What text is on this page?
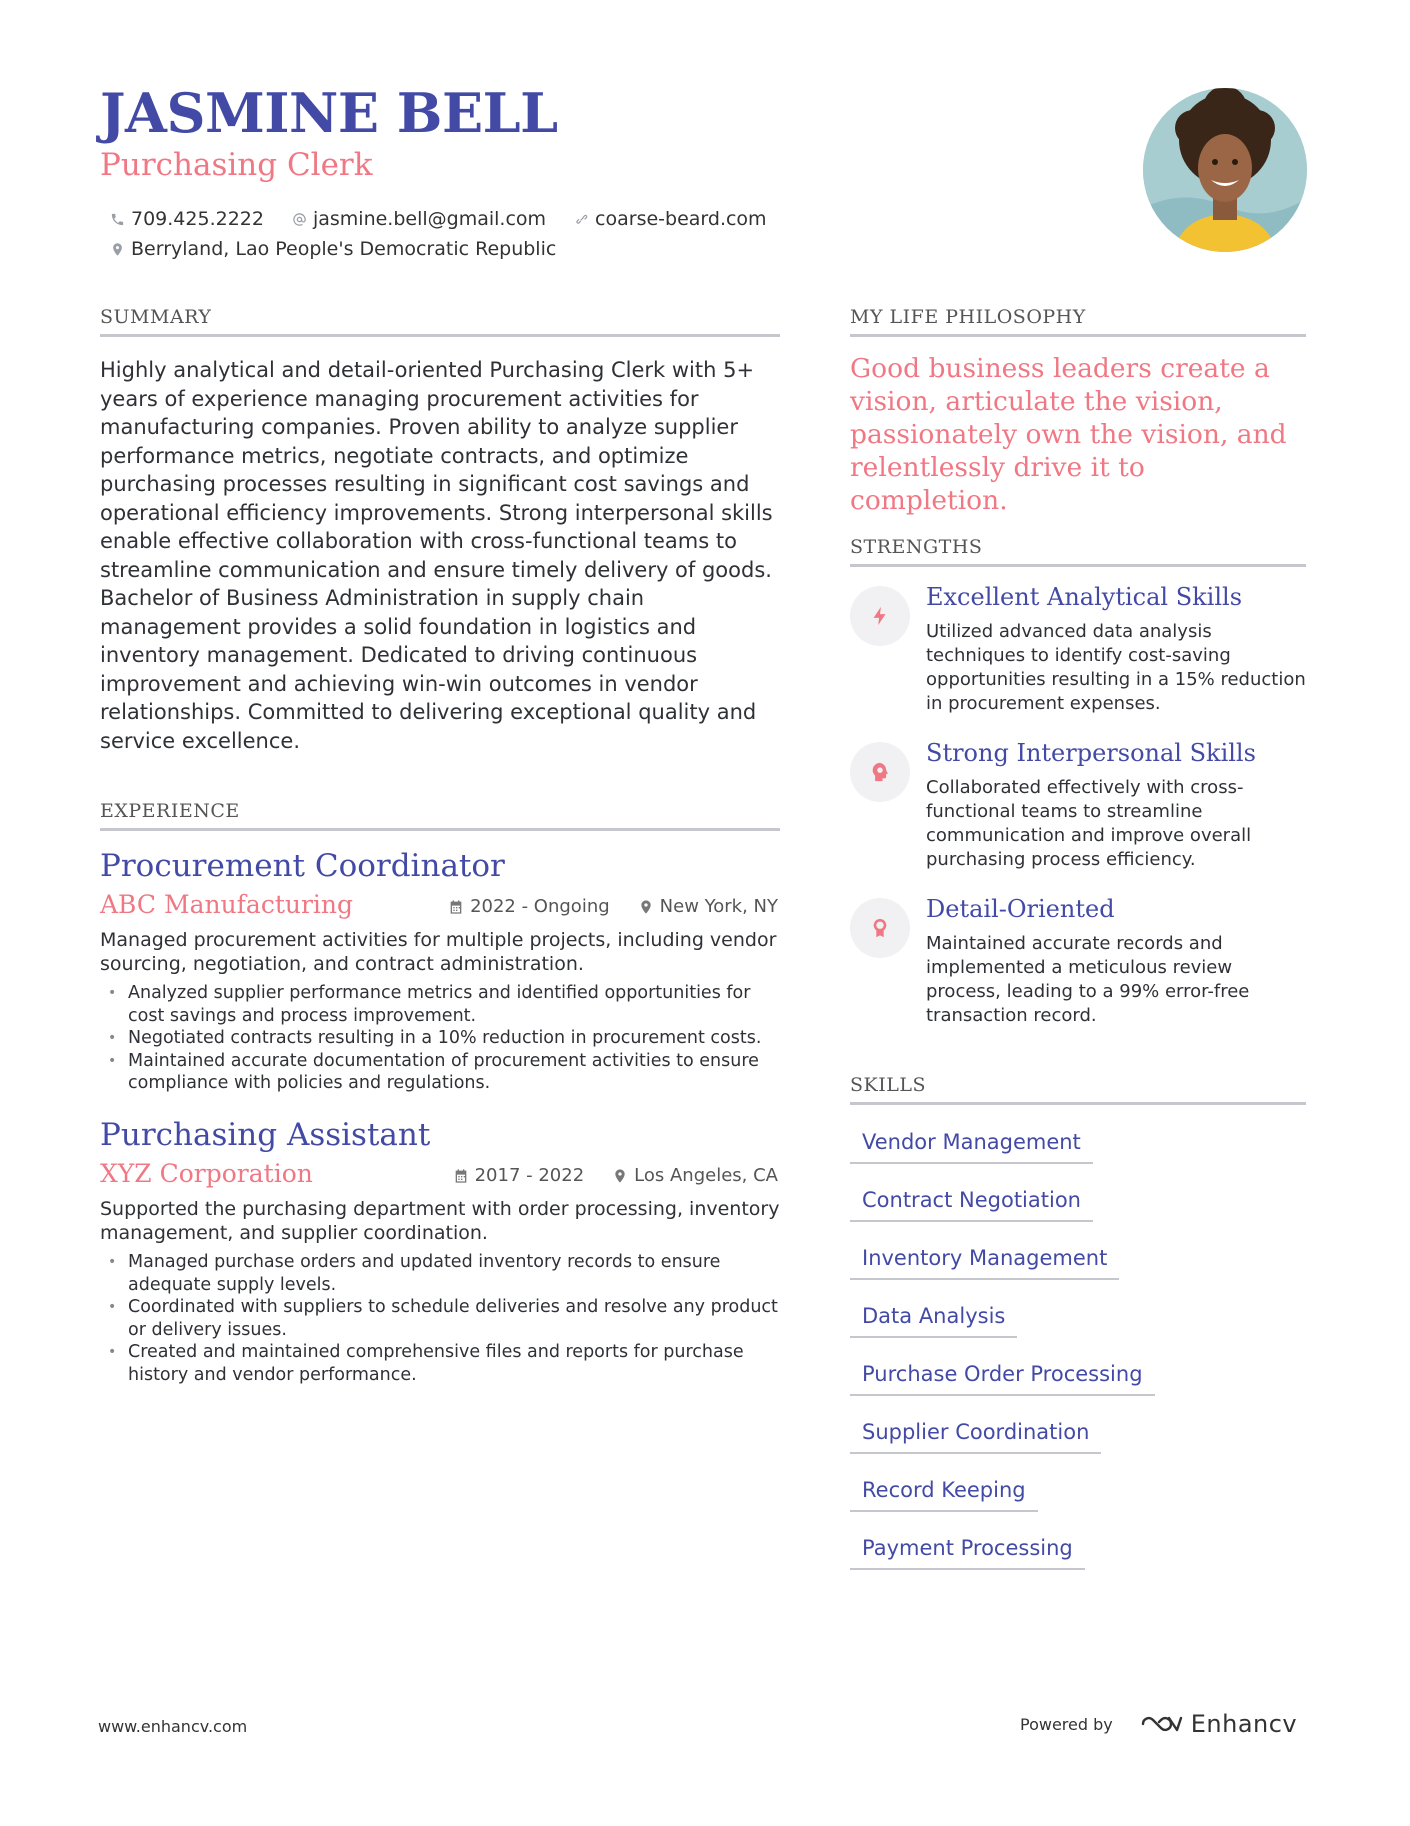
JASMINE BELL
Purchasing Clerk
709.425.2222	jasmine.bell@gmail.com	coarse-beard.com
Berryland, Lao People's Democratic Republic
SUMMARY
Highly analytical and detail-oriented Purchasing Clerk with 5+ years of experience managing procurement activities for manufacturing companies. Proven ability to analyze supplier performance metrics, negotiate contracts, and optimize purchasing processes resulting in significant cost savings and operational efficiency improvements. Strong interpersonal skills enable effective collaboration with cross-functional teams to streamline communication and ensure timely delivery of goods. Bachelor of Business Administration in supply chain management provides a solid foundation in logistics and inventory management. Dedicated to driving continuous improvement and achieving win-win outcomes in vendor relationships. Committed to delivering exceptional quality and service excellence.
EXPERIENCE
Procurement Coordinator
ABC Manufacturing	2022 - Ongoing	New York, NY
Managed procurement activities for multiple projects, including vendor sourcing, negotiation, and contract administration.
• Analyzed supplier performance metrics and identified opportunities for cost savings and process improvement.
• Negotiated contracts resulting in a 10% reduction in procurement costs.
• Maintained accurate documentation of procurement activities to ensure compliance with policies and regulations.
Purchasing Assistant
XYZ Corporation	2017 - 2022	Los Angeles, CA
Supported the purchasing department with order processing, inventory management, and supplier coordination.
• Managed purchase orders and updated inventory records to ensure adequate supply levels.
• Coordinated with suppliers to schedule deliveries and resolve any product or delivery issues.
• Created and maintained comprehensive files and reports for purchase history and vendor performance.
MY LIFE PHILOSOPHY
Good business leaders create a vision, articulate the vision, passionately own the vision, and relentlessly drive it to completion.
STRENGTHS
Excellent Analytical Skills
Utilized advanced data analysis techniques to identify cost-saving opportunities resulting in a 15% reduction in procurement expenses.
Strong Interpersonal Skills
Collaborated effectively with cross-functional teams to streamline communication and improve overall purchasing process efficiency.
Detail-Oriented
Maintained accurate records and implemented a meticulous review process, leading to a 99% error-free transaction record.
SKILLS
Vendor Management
Contract Negotiation
Inventory Management
Data Analysis
Purchase Order Processing
Supplier Coordination
Record Keeping
Payment Processing
www.enhancv.com	Powered by	Enhancv
